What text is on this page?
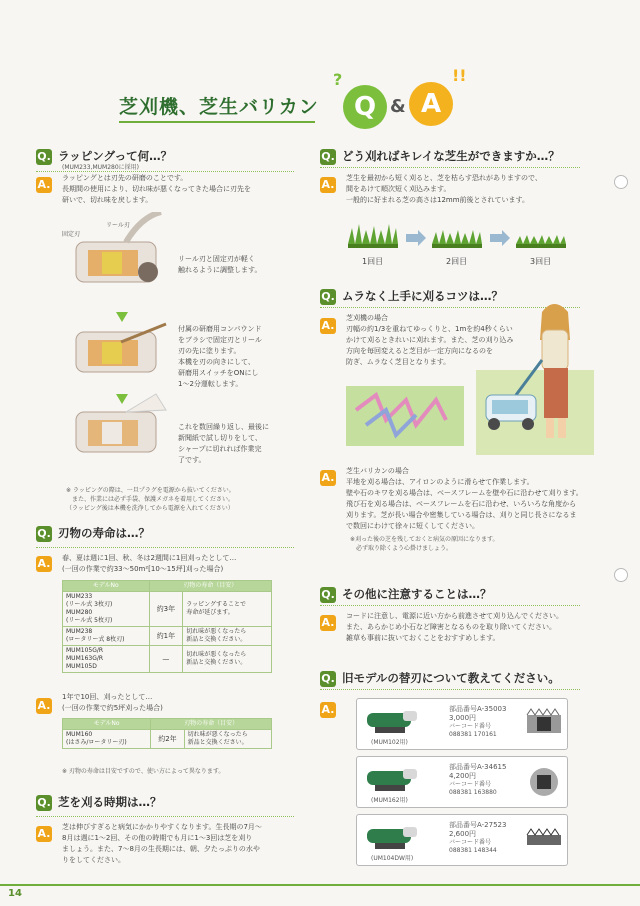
芝刈機、芝生バリカン	Q & A
?	!!
Q. ラッピングって何…？
(MUM233,MUM280に採用)
A. ラッピングとは刃先の研磨のことです。
長期間の使用により、切れ味が悪くなってきた場合に刃先を
研いで、切れ味を戻します。
固定刃
リール刃
リール刃と固定刃が軽く
触れるように調整します。
付属の研磨用コンパウンド
をブラシで固定刃とリール
刃の先に塗ります。
本機を刃の向きにして、
研磨用スイッチをONにし
1～2分運転します。
これを数回繰り返し、最後に
新聞紙で試し切りをして、
シャープに切れれば作業完
了です。
※ ラッピングの際は、一旦プラグを電源から抜いてください。
　また、作業には必ず手袋、保護メガネを着用してください。
（ラッピング後は本機を洗浄してから電源を入れてください）
Q. 刃物の寿命は…？
A. 春、夏は週に1回、秋、冬は2週間に1回刈ったとして…
(一回の作業で約33～50m²[10～15坪]刈った場合)
モデルNo	刃物の寿命（目安）	
MUM233
(リール式 3枚刃)
MUM280
(リール式 5枚刃)	約3年	ラッピングすることで
寿命が延びます。
MUM238
(ロータリー式 8枚刃)	約1年	切れ味が悪くなったら
新品と交換ください。
MUM105G/R
MUM163G/R
MUM105D	—	切れ味が悪くなったら
新品と交換ください。
A.
1年で10回、刈ったとして…
(一回の作業で約5坪刈った場合)
モデルNo	刃物の寿命（目安）	
MUM160
(はさみ/ロータリー刃)	約2年	切れ味が悪くなったら
新品と交換ください。
※ 刃物の寿命は目安ですので、使い方によって異なります。
Q. 芝を刈る時期は…？
A. 芝は伸びすぎると病気にかかりやすくなります。生長期の7月～
8月は週に1～2回、その他の時期でも月に1～3回は芝を刈り
ましょう。また、7～8月の生長期には、朝、夕たっぷりの水や
りをしてください。
Q. どう刈ればキレイな芝生ができますか…？
A. 芝生を最初から短く刈ると、芝を枯らす恐れがありますので、
間をあけて順次短く刈込みます。
一般的に好まれる芝の高さは12mm前後とされています。
1回目	2回目	3回目
Q. ムラなく上手に刈るコツは…？
A.
芝刈機の場合
刃幅の約1/3を重ねてゆっくりと、1mを約4秒くらい
かけて刈るときれいに刈れます。また、芝の刈り込み
方向を毎回変えると芝目が一定方向になるのを
防ぎ、ムラなく芝目となります。
A. 芝生バリカンの場合
平地を刈る場合は、アイロンのように滑らせて作業します。
壁や石のキワを刈る場合は、ベースフレームを壁や石に沿わせて刈ります。
飛び石を刈る場合は、ベースフレームを石に沿わせ、いろいろな角度から
刈ります。芝が長い場合や密集している場合は、刈りと同じ長さになるま
で数回にわけて徐々に短くしてください。
※刈った後の芝を残しておくと病気の原因になります。
　必ず取り除くよう心掛けましょう。
Q. その他に注意することは…？
A. コードに注意し、電源に近い方から前進させて刈り込んでください。
また、あらかじめ小石など障害となるものを取り除いてください。
雑草も事前に抜いておくことをおすすめします。
Q. 旧モデルの替刃について教えてください。
A.
(MUM102用)
部品番号A-35003
3,000円
バーコード番号
088381 170161
(MUM162用)
部品番号A-34615
4,200円
バーコード番号
088381 163880
(UM104DW用)
部品番号A-27523
2,600円
バーコード番号
088381 148344
14
